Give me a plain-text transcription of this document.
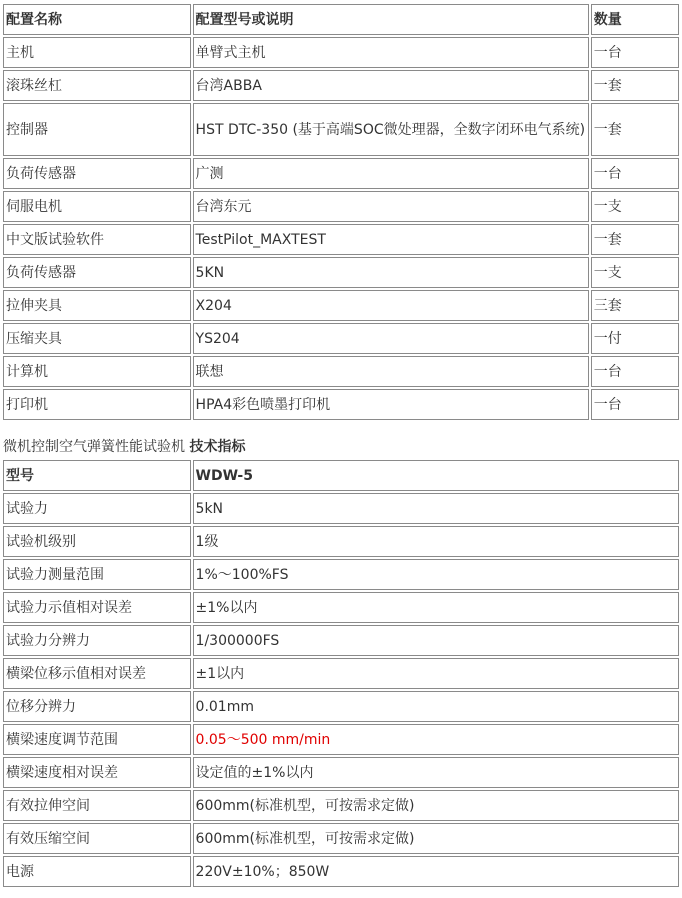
配置名称	配置型号或说明	数量
主机	单臂式主机	一台
滚珠丝杠	台湾ABBA	一套
控制器	HST DTC-350 (基于高端SOC微处理器，全数字闭环电气系统)	一套
负荷传感器	广测	一台
伺服电机	台湾东元	一支
中文版试验软件	TestPilot_MAXTEST	一套
负荷传感器	5KN	一支
拉伸夹具	X204	三套
压缩夹具	YS204	一付
计算机	联想	一台
打印机	HPA4彩色喷墨打印机	一台
微机控制空气弹簧性能试验机 技术指标
型号	WDW-5
试验力	5kN
试验机级别	1级
试验力测量范围	1%～100%FS
试验力示值相对误差	±1%以内
试验力分辨力	1/300000FS
横梁位移示值相对误差	±1以内
位移分辨力	0.01mm
横梁速度调节范围	0.05～500 mm/min
横梁速度相对误差	设定值的±1%以内
有效拉伸空间	600mm(标准机型，可按需求定做)
有效压缩空间	600mm(标准机型，可按需求定做)
电源	220V±10%；850W
